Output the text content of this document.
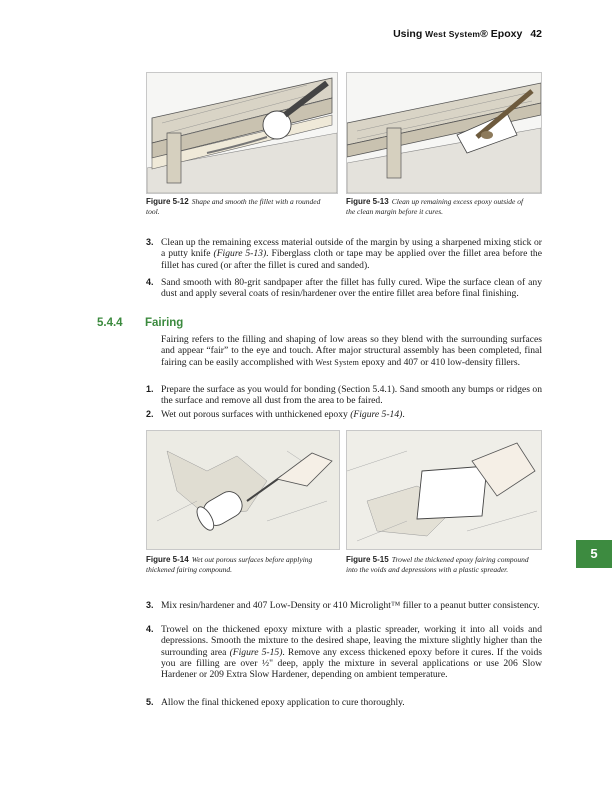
Using West System® Epoxy 42
Figure 5-12 Shape and smooth the fillet with a rounded tool.
Figure 5-13 Clean up remaining excess epoxy outside of the clean margin before it cures.
3. Clean up the remaining excess material outside of the margin by using a sharpened mixing stick or a putty knife (Figure 5-13). Fiberglass cloth or tape may be applied over the fillet area before the fillet has cured (or after the fillet is cured and sanded).
4. Sand smooth with 80-grit sandpaper after the fillet has fully cured. Wipe the surface clean of any dust and apply several coats of resin/hardener over the entire fillet area before final finishing.
5.4.4 Fairing
Fairing refers to the filling and shaping of low areas so they blend with the surrounding surfaces and appear “fair” to the eye and touch. After major structural assembly has been completed, final fairing can be easily accomplished with West System epoxy and 407 or 410 low-density fillers.
1. Prepare the surface as you would for bonding (Section 5.4.1). Sand smooth any bumps or ridges on the surface and remove all dust from the area to be faired.
2. Wet out porous surfaces with unthickened epoxy (Figure 5-14).
Figure 5-14 Wet out porous surfaces before applying thickened fairing compound.
Figure 5-15 Trowel the thickened epoxy fairing compound into the voids and depressions with a plastic spreader.
3. Mix resin/hardener and 407 Low-Density or 410 Microlight™ filler to a peanut butter consistency.
4. Trowel on the thickened epoxy mixture with a plastic spreader, working it into all voids and depressions. Smooth the mixture to the desired shape, leaving the mixture slightly higher than the surrounding area (Figure 5-15). Remove any excess thickened epoxy before it cures. If the voids you are filling are over ½" deep, apply the mixture in several applications or use 206 Slow Hardener or 209 Extra Slow Hardener, depending on ambient temperature.
5. Allow the final thickened epoxy application to cure thoroughly.
5
